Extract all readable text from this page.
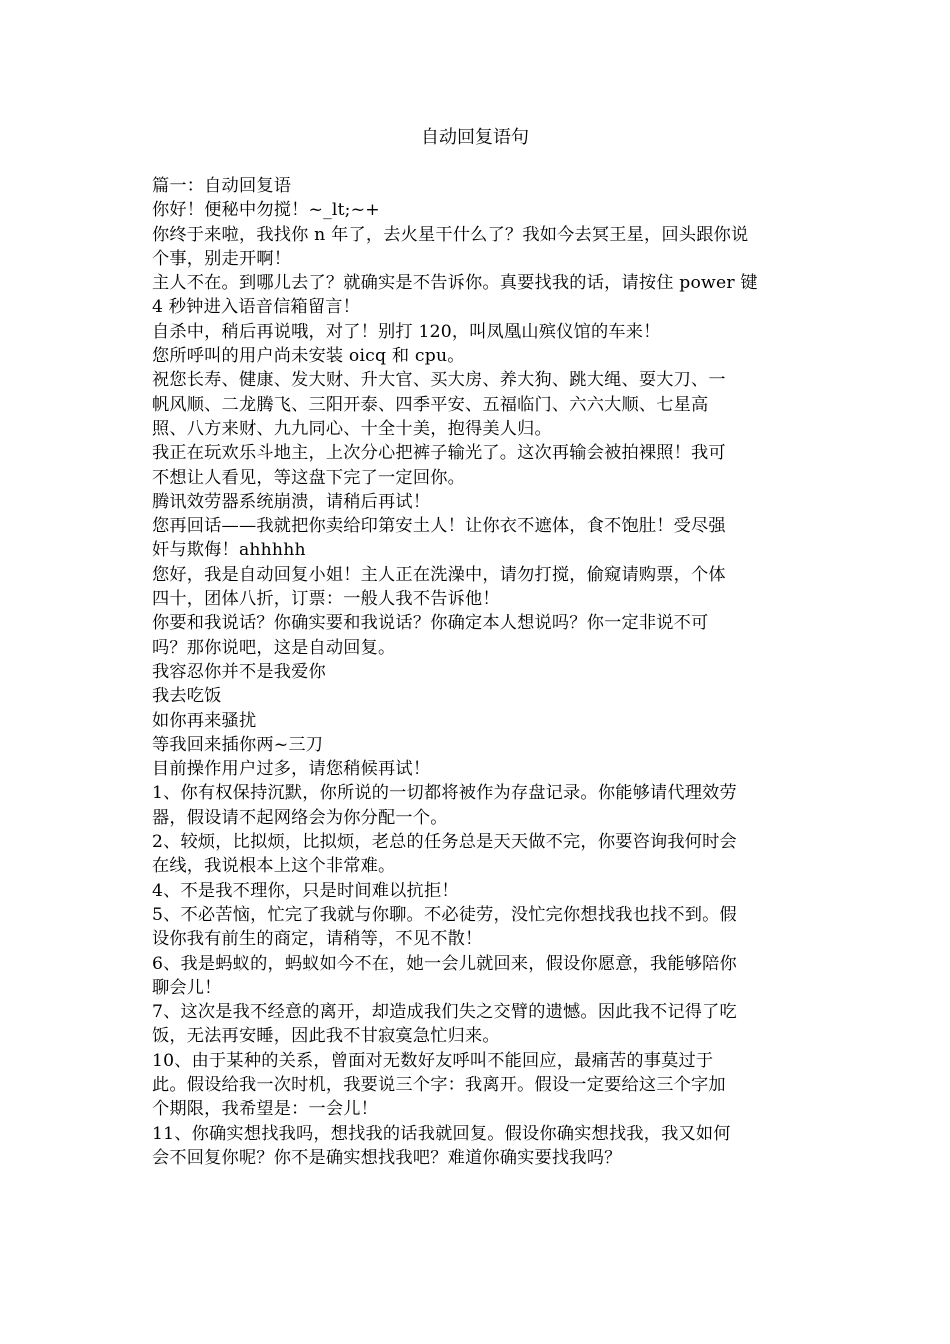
自动回复语句
篇一：自动回复语
你好！便秘中勿搅！~_lt;~+
你终于来啦，我找你 n 年了，去火星干什么了？我如今去冥王星，回头跟你说
个事，别走开啊！
主人不在。到哪儿去了？就确实是不告诉你。真要找我的话，请按住 power 键
4 秒钟进入语音信箱留言！
自杀中，稍后再说哦，对了！别打 120，叫凤凰山殡仪馆的车来！
您所呼叫的用户尚未安装 oicq 和 cpu。
祝您长寿、健康、发大财、升大官、买大房、养大狗、跳大绳、耍大刀、一
帆风顺、二龙腾飞、三阳开泰、四季平安、五福临门、六六大顺、七星高
照、八方来财、九九同心、十全十美，抱得美人归。
我正在玩欢乐斗地主，上次分心把裤子输光了。这次再输会被拍裸照！我可
不想让人看见，等这盘下完了一定回你。
腾讯效劳器系统崩溃，请稍后再试！
您再回话——我就把你卖给印第安土人！让你衣不遮体，食不饱肚！受尽强
奸与欺侮！ahhhhh
您好，我是自动回复小姐！主人正在洗澡中，请勿打搅，偷窥请购票，个体
四十，团体八折，订票：一般人我不告诉他！
你要和我说话？你确实要和我说话？你确定本人想说吗？你一定非说不可
吗？那你说吧，这是自动回复。
我容忍你并不是我爱你
我去吃饭
如你再来骚扰
等我回来插你两~三刀
目前操作用户过多，请您稍候再试！
1、你有权保持沉默，你所说的一切都将被作为存盘记录。你能够请代理效劳
器，假设请不起网络会为你分配一个。
2、较烦，比拟烦，比拟烦，老总的任务总是天天做不完，你要咨询我何时会
在线，我说根本上这个非常难。
4、不是我不理你，只是时间难以抗拒！
5、不必苦恼，忙完了我就与你聊。不必徒劳，没忙完你想找我也找不到。假
设你我有前生的商定，请稍等，不见不散！
6、我是蚂蚁的，蚂蚁如今不在，她一会儿就回来，假设你愿意，我能够陪你
聊会儿！
7、这次是我不经意的离开，却造成我们失之交臂的遗憾。因此我不记得了吃
饭，无法再安睡，因此我不甘寂寞急忙归来。
10、由于某种的关系，曾面对无数好友呼叫不能回应，最痛苦的事莫过于
此。假设给我一次时机，我要说三个字：我离开。假设一定要给这三个字加
个期限，我希望是：一会儿！
11、你确实想找我吗，想找我的话我就回复。假设你确实想找我，我又如何
会不回复你呢？你不是确实想找我吧？难道你确实要找我吗？
